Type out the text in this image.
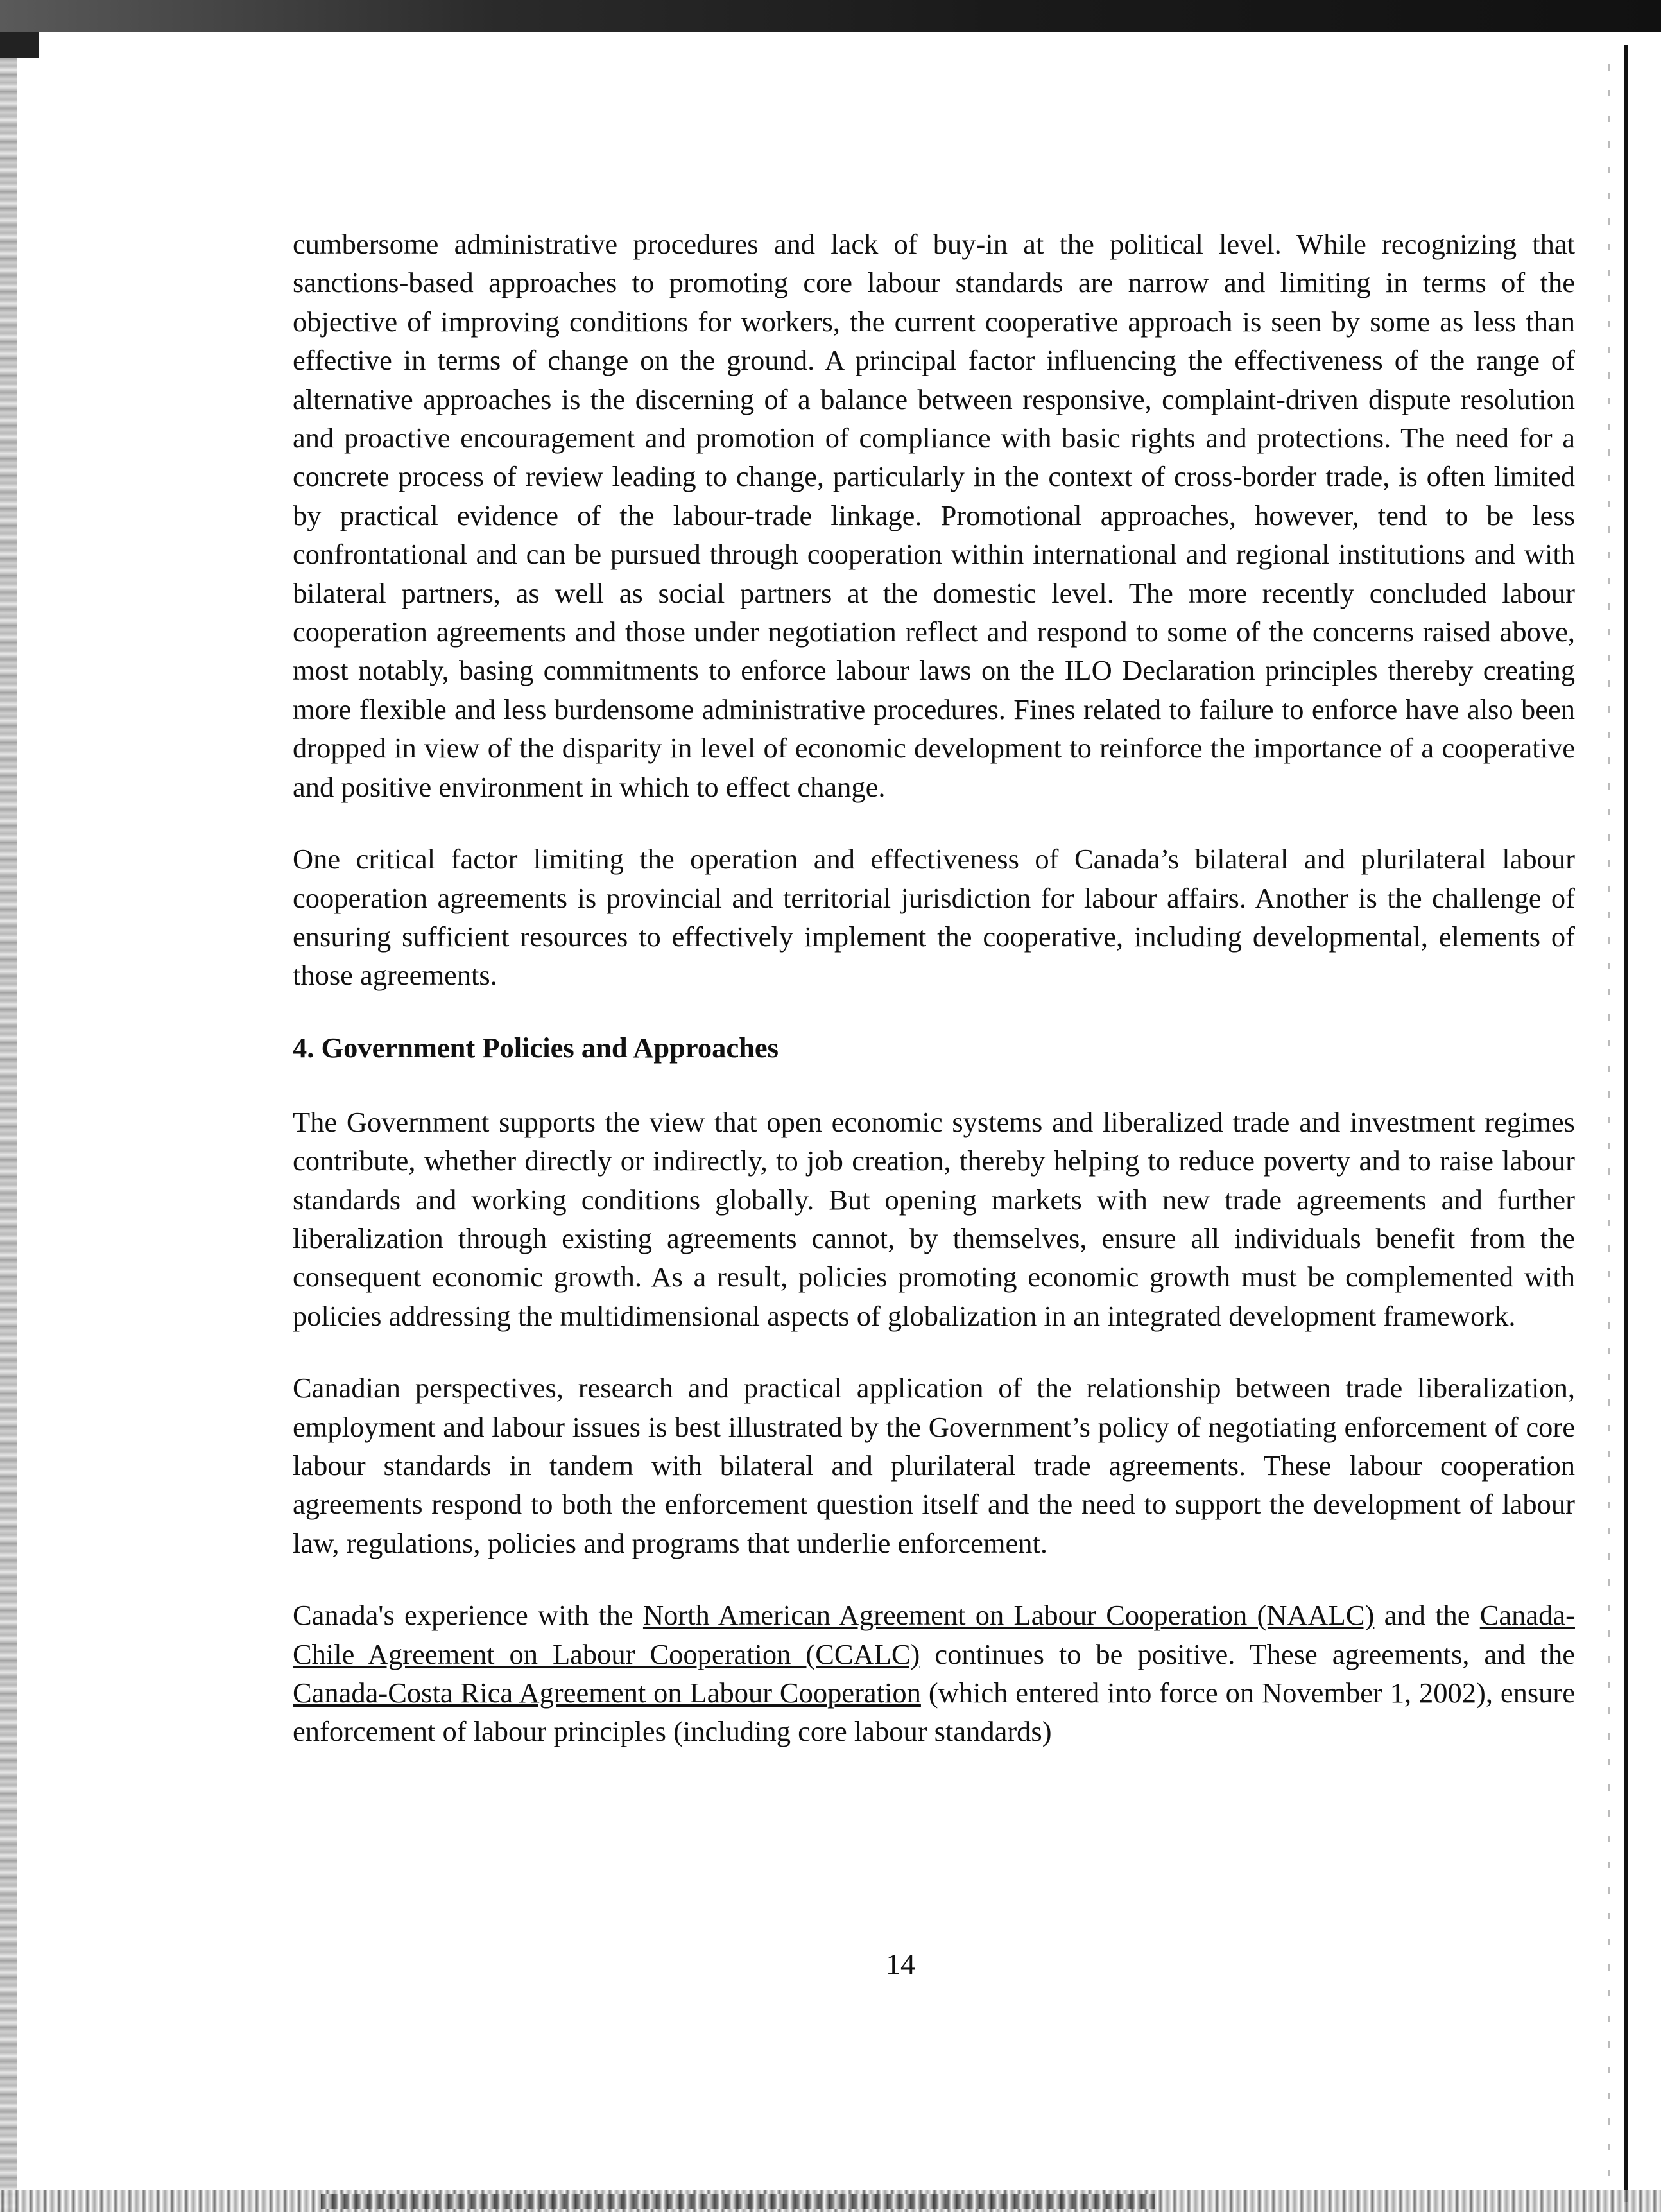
cumbersome administrative procedures and lack of buy-in at the political level. While recognizing that sanctions-based approaches to promoting core labour standards are narrow and limiting in terms of the objective of improving conditions for workers, the current cooperative approach is seen by some as less than effective in terms of change on the ground. A principal factor influencing the effectiveness of the range of alternative approaches is the discerning of a balance between responsive, complaint-driven dispute resolution and proactive encouragement and promotion of compliance with basic rights and protections. The need for a concrete process of review leading to change, particularly in the context of cross-border trade, is often limited by practical evidence of the labour-trade linkage. Promotional approaches, however, tend to be less confrontational and can be pursued through cooperation within international and regional institutions and with bilateral partners, as well as social partners at the domestic level. The more recently concluded labour cooperation agreements and those under negotiation reflect and respond to some of the concerns raised above, most notably, basing commitments to enforce labour laws on the ILO Declaration principles thereby creating more flexible and less burdensome administrative procedures. Fines related to failure to enforce have also been dropped in view of the disparity in level of economic development to reinforce the importance of a cooperative and positive environment in which to effect change.

One critical factor limiting the operation and effectiveness of Canada’s bilateral and plurilateral labour cooperation agreements is provincial and territorial jurisdiction for labour affairs. Another is the challenge of ensuring sufficient resources to effectively implement the cooperative, including developmental, elements of those agreements.

4. Government Policies and Approaches

The Government supports the view that open economic systems and liberalized trade and investment regimes contribute, whether directly or indirectly, to job creation, thereby helping to reduce poverty and to raise labour standards and working conditions globally. But opening markets with new trade agreements and further liberalization through existing agreements cannot, by themselves, ensure all individuals benefit from the consequent economic growth. As a result, policies promoting economic growth must be complemented with policies addressing the multidimensional aspects of globalization in an integrated development framework.

Canadian perspectives, research and practical application of the relationship between trade liberalization, employment and labour issues is best illustrated by the Government’s policy of negotiating enforcement of core labour standards in tandem with bilateral and plurilateral trade agreements. These labour cooperation agreements respond to both the enforcement question itself and the need to support the development of labour law, regulations, policies and programs that underlie enforcement.

Canada's experience with the North American Agreement on Labour Cooperation (NAALC) and the Canada-Chile Agreement on Labour Cooperation (CCALC) continues to be positive. These agreements, and the Canada-Costa Rica Agreement on Labour Cooperation (which entered into force on November 1, 2002), ensure enforcement of labour principles (including core labour standards)

14
